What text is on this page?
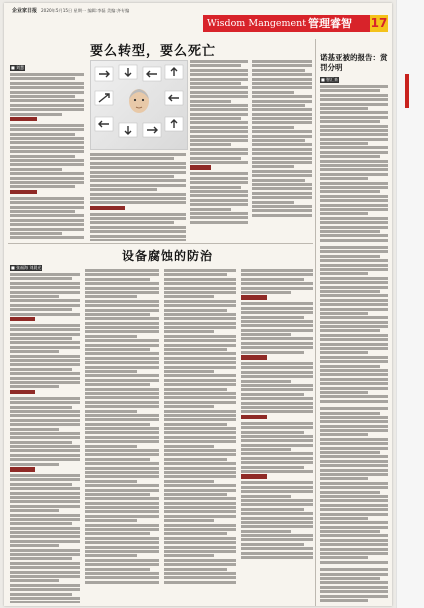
企业家日报 2020年5月15日 星期一 编辑:李磊 美编:齐专编
Wisdom Mangement 管理睿智 17
要么转型，要么死亡
■ 刘慧
诺基亚被的报告：赏罚分明
■ 智汇来
设备腐蚀的防治
■ 张福海 刘晨光
